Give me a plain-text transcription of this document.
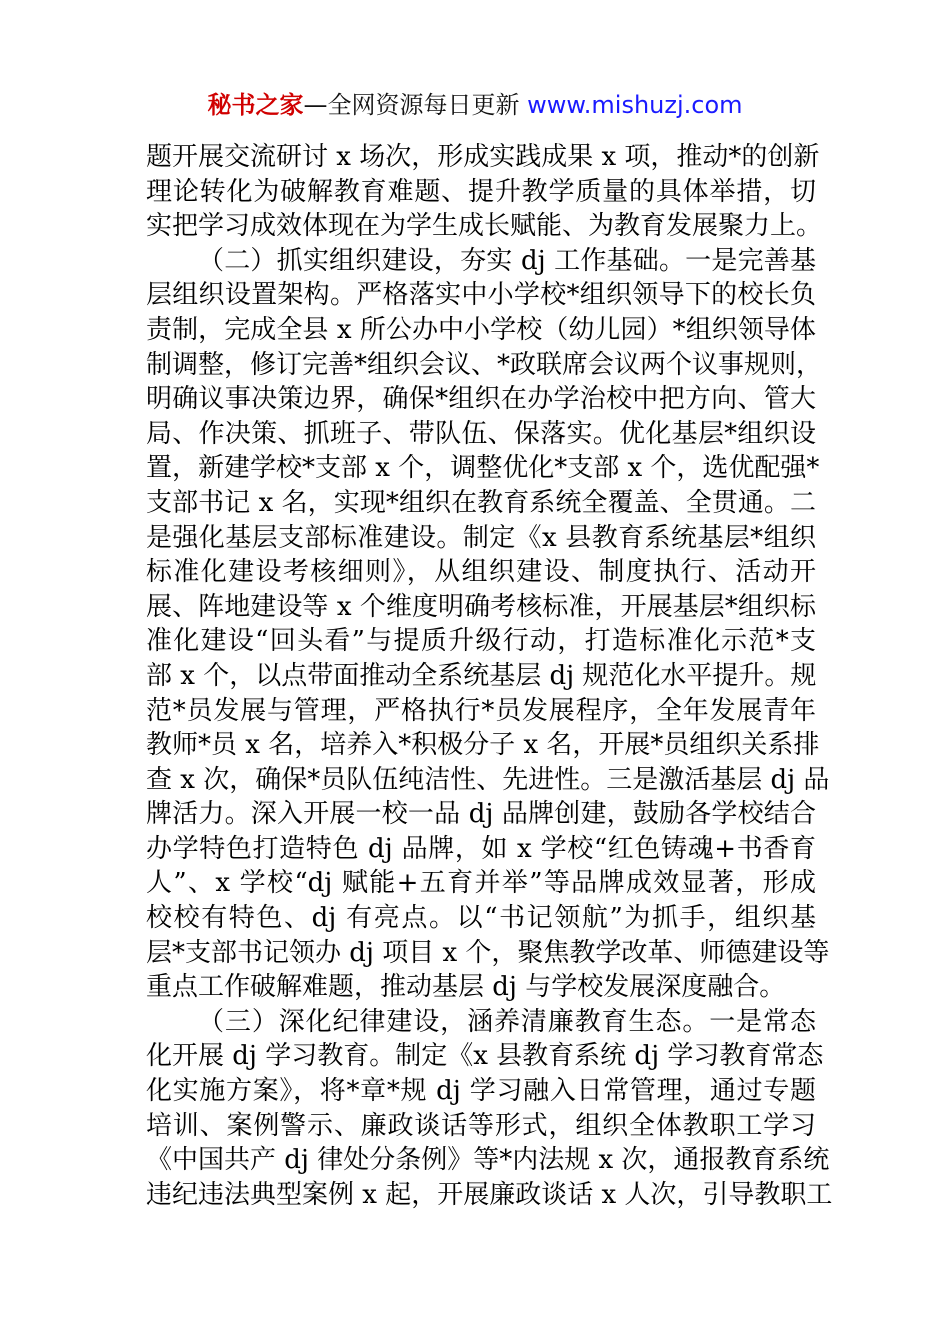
秘书之家—全网资源每日更新 www.mishuzj.com
题开展交流研讨 x 场次，形成实践成果 x 项，推动*的创新
理论转化为破解教育难题、提升教学质量的具体举措，切
实把学习成效体现在为学生成长赋能、为教育发展聚力上。
（二）抓实组织建设，夯实 dj 工作基础。一是完善基
层组织设置架构。严格落实中小学校*组织领导下的校长负
责制，完成全县 x 所公办中小学校（幼儿园）*组织领导体
制调整，修订完善*组织会议、*政联席会议两个议事规则，
明确议事决策边界，确保*组织在办学治校中把方向、管大
局、作决策、抓班子、带队伍、保落实。优化基层*组织设
置，新建学校*支部 x 个，调整优化*支部 x 个，选优配强*
支部书记 x 名，实现*组织在教育系统全覆盖、全贯通。二
是强化基层支部标准建设。制定《x 县教育系统基层*组织
标准化建设考核细则》，从组织建设、制度执行、活动开
展、阵地建设等 x 个维度明确考核标准，开展基层*组织标
准化建设“回头看”与提质升级行动，打造标准化示范*支
部 x 个，以点带面推动全系统基层 dj 规范化水平提升。规
范*员发展与管理，严格执行*员发展程序，全年发展青年
教师*员 x 名，培养入*积极分子 x 名，开展*员组织关系排
查 x 次，确保*员队伍纯洁性、先进性。三是激活基层 dj 品
牌活力。深入开展一校一品 dj 品牌创建，鼓励各学校结合
办学特色打造特色 dj 品牌，如 x 学校“红色铸魂+书香育
人”、x 学校“dj 赋能+五育并举”等品牌成效显著，形成
校校有特色、dj 有亮点。以“书记领航”为抓手，组织基
层*支部书记领办 dj 项目 x 个，聚焦教学改革、师德建设等
重点工作破解难题，推动基层 dj 与学校发展深度融合。
（三）深化纪律建设，涵养清廉教育生态。一是常态
化开展 dj 学习教育。制定《x 县教育系统 dj 学习教育常态
化实施方案》，将*章*规 dj 学习融入日常管理，通过专题
培训、案例警示、廉政谈话等形式，组织全体教职工学习
《中国共产 dj 律处分条例》等*内法规 x 次，通报教育系统
违纪违法典型案例 x 起，开展廉政谈话 x 人次，引导教职工
